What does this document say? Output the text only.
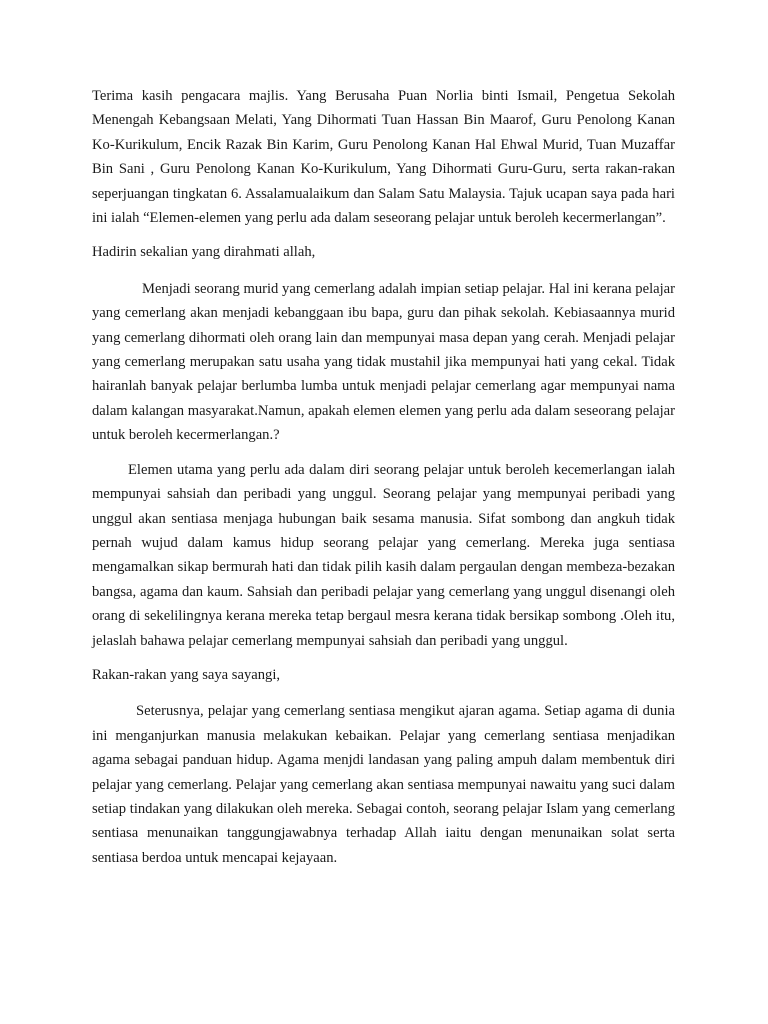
Terima kasih pengacara majlis. Yang Berusaha Puan Norlia binti Ismail, Pengetua Sekolah Menengah Kebangsaan Melati, Yang Dihormati Tuan Hassan Bin Maarof, Guru Penolong Kanan Ko-Kurikulum, Encik Razak Bin Karim, Guru Penolong Kanan Hal Ehwal Murid, Tuan Muzaffar Bin Sani , Guru Penolong Kanan Ko-Kurikulum, Yang Dihormati Guru-Guru, serta rakan-rakan seperjuangan tingkatan 6. Assalamualaikum dan Salam Satu Malaysia. Tajuk ucapan saya pada hari ini ialah “Elemen-elemen yang perlu ada dalam seseorang pelajar untuk beroleh kecermerlangan”.

Hadirin sekalian yang dirahmati allah,

Menjadi seorang murid yang cemerlang adalah impian setiap pelajar. Hal ini kerana pelajar yang cemerlang akan menjadi kebanggaan ibu bapa, guru dan pihak sekolah. Kebiasaannya murid yang cemerlang dihormati oleh orang lain dan mempunyai masa depan yang cerah. Menjadi pelajar yang cemerlang merupakan satu usaha yang tidak mustahil jika mempunyai hati yang cekal. Tidak hairanlah banyak pelajar berlumba lumba untuk menjadi pelajar cemerlang agar mempunyai nama dalam kalangan masyarakat.Namun, apakah elemen elemen yang perlu ada dalam seseorang pelajar untuk beroleh kecermerlangan.?

Elemen utama yang perlu ada dalam diri seorang pelajar untuk beroleh kecemerlangan ialah mempunyai sahsiah dan peribadi yang unggul. Seorang pelajar yang mempunyai peribadi yang unggul akan sentiasa menjaga hubungan baik sesama manusia. Sifat sombong dan angkuh tidak pernah wujud dalam kamus hidup seorang pelajar yang cemerlang. Mereka juga sentiasa mengamalkan sikap bermurah hati dan tidak pilih kasih dalam pergaulan dengan membeza-bezakan bangsa, agama dan kaum. Sahsiah dan peribadi pelajar yang cemerlang yang unggul disenangi oleh orang di sekelilingnya kerana mereka tetap bergaul mesra kerana tidak bersikap sombong .Oleh itu, jelaslah bahawa pelajar cemerlang mempunyai sahsiah dan peribadi yang unggul.

Rakan-rakan yang saya sayangi,

Seterusnya, pelajar yang cemerlang sentiasa mengikut ajaran agama. Setiap agama di dunia ini menganjurkan manusia melakukan kebaikan. Pelajar yang cemerlang sentiasa menjadikan agama sebagai panduan hidup. Agama menjdi landasan yang paling ampuh dalam membentuk diri pelajar yang cemerlang. Pelajar yang cemerlang akan sentiasa mempunyai nawaitu yang suci dalam setiap tindakan yang dilakukan oleh mereka. Sebagai contoh, seorang pelajar Islam yang cemerlang sentiasa menunaikan tanggungjawabnya terhadap Allah iaitu dengan menunaikan solat serta sentiasa berdoa untuk mencapai kejayaan.
